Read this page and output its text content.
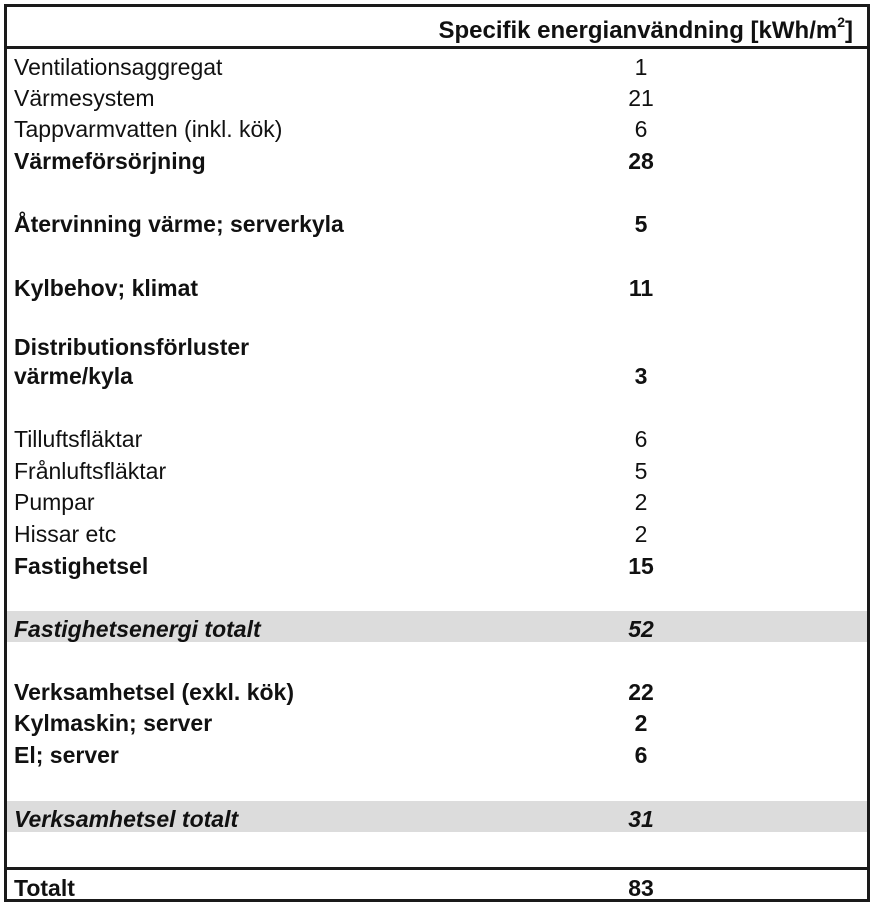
Specifik energianvändning $[kWh/m^2]$
Ventilationsaggregat	1
Värmesystem	21
Tappvarmvatten (inkl. kök)	6
Värmeförsörjning	28
Återvinning värme; serverkyla	5
Kylbehov; klimat	11
Distributionsförluster
värme/kyla	3
Tilluftsfläktar	6
Frånluftsfläktar	5
Pumpar	2
Hissar etc	2
Fastighetsel	15
Fastighetsenergi totalt	52
Verksamhetsel (exkl. kök)	22
Kylmaskin; server	2
El; server	6
Verksamhetsel totalt	31
Totalt	83
